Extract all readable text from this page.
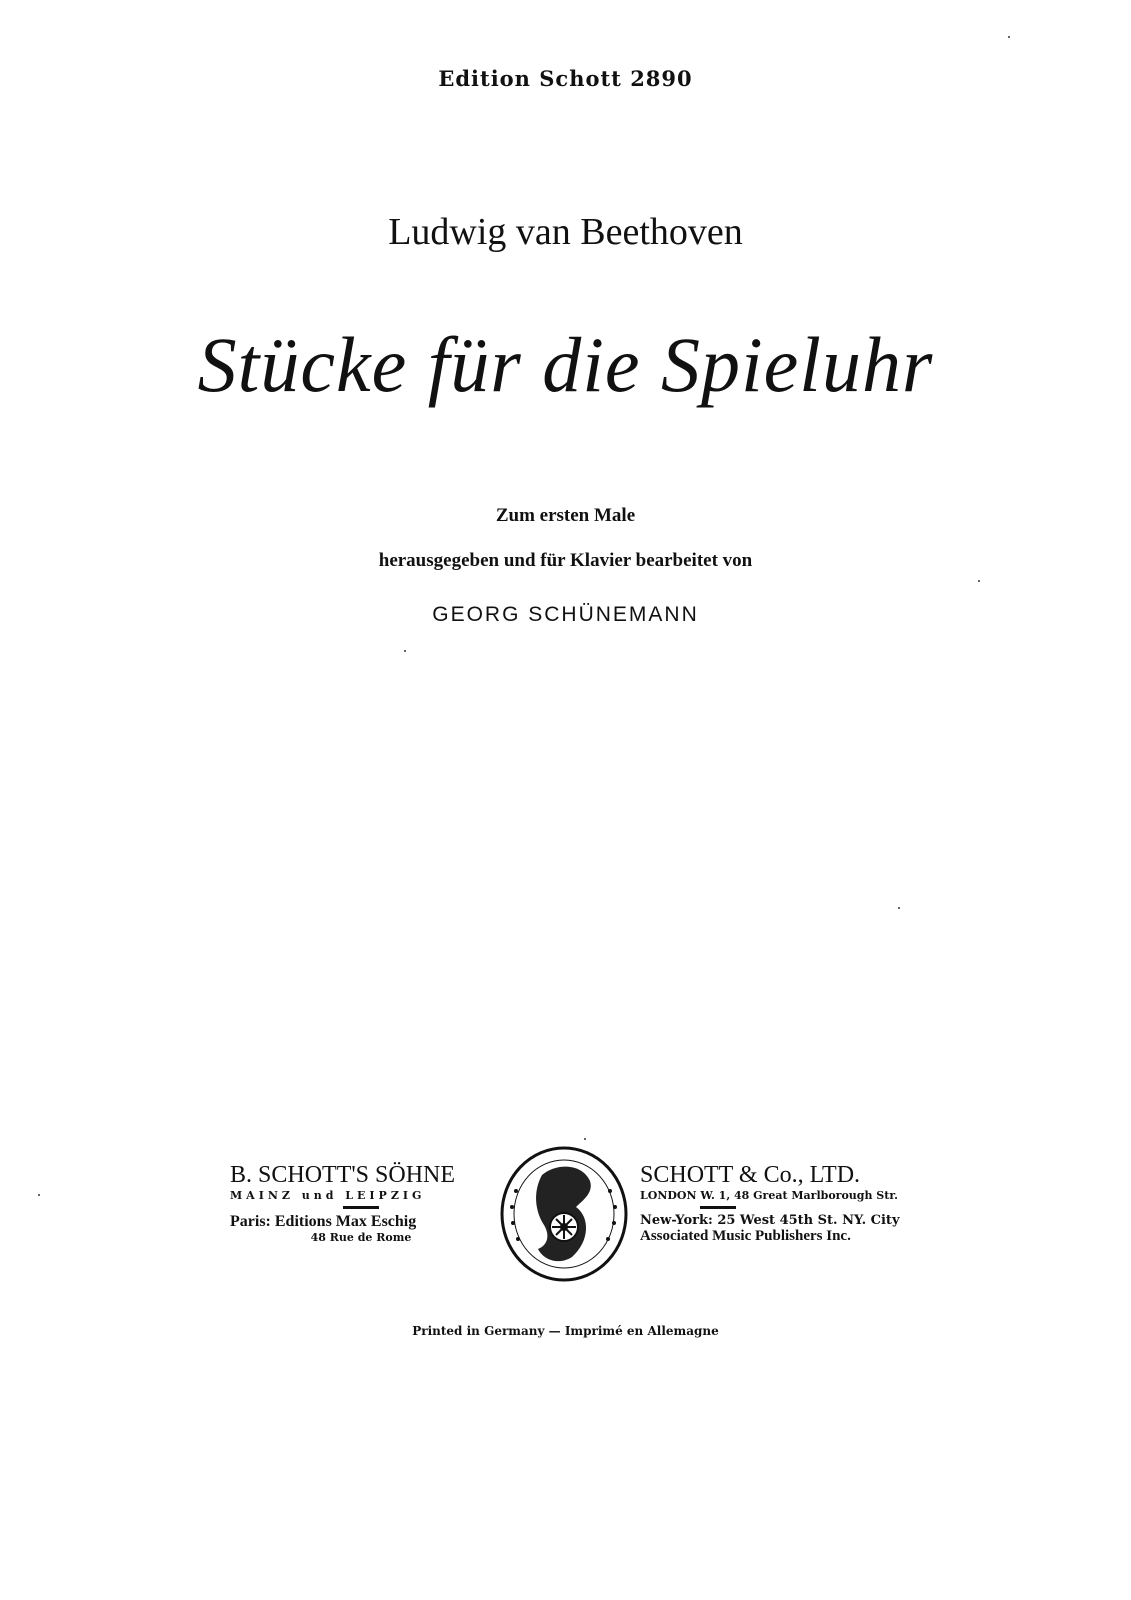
Edition Schott 2890
Ludwig van Beethoven
Stücke für die Spieluhr
Zum ersten Male
herausgegeben und für Klavier bearbeitet von
GEORG SCHÜNEMANN
B. SCHOTT'S SÖHNE
MAINZ und LEIPZIG
Paris: Editions Max Eschig
48 Rue de Rome
SCHOTT & Co., LTD.
LONDON W. 1, 48 Great Marlborough Str.
New-York: 25 West 45th St. NY. City
Associated Music Publishers Inc.
Printed in Germany — Imprimé en Allemagne
